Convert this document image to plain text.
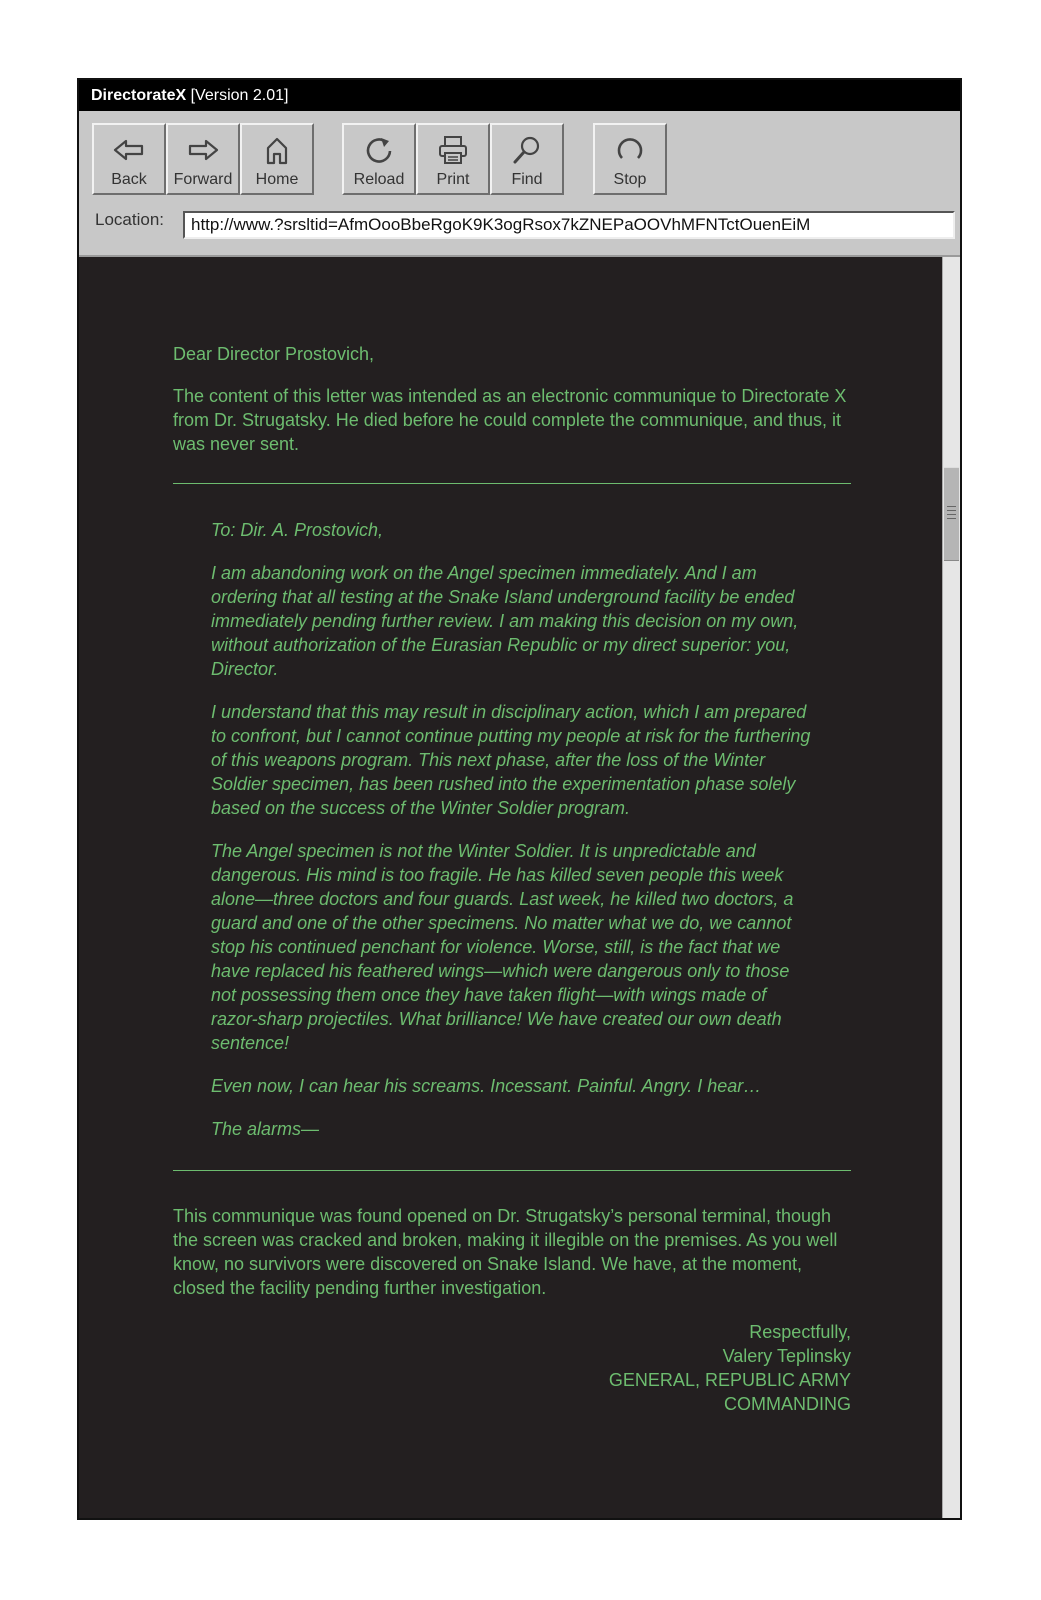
DirectorateX [Version 2.01]
Back	Forward	Home	Reload	Print	Find	Stop
Location:
http://www.?srsltid=AfmOooBbeRgoK9K3ogRsox7kZNEPaOOVhMFNTctOuenEiM

Dear Director Prostovich,

The content of this letter was intended as an electronic communique to Directorate X from Dr. Strugatsky. He died before he could complete the communique, and thus, it was never sent.

To: Dir. A. Prostovich,

I am abandoning work on the Angel specimen immediately. And I am ordering that all testing at the Snake Island underground facility be ended immediately pending further review. I am making this decision on my own, without authorization of the Eurasian Republic or my direct superior: you, Director.

I understand that this may result in disciplinary action, which I am prepared to confront, but I cannot continue putting my people at risk for the furthering of this weapons program. This next phase, after the loss of the Winter Soldier specimen, has been rushed into the experimentation phase solely based on the success of the Winter Soldier program.

The Angel specimen is not the Winter Soldier. It is unpredictable and dangerous. His mind is too fragile. He has killed seven people this week alone—three doctors and four guards. Last week, he killed two doctors, a guard and one of the other specimens. No matter what we do, we cannot stop his continued penchant for violence. Worse, still, is the fact that we have replaced his feathered wings—which were dangerous only to those not possessing them once they have taken flight—with wings made of razor-sharp projectiles. What brilliance! We have created our own death sentence!

Even now, I can hear his screams. Incessant. Painful. Angry. I hear…

The alarms—

This communique was found opened on Dr. Strugatsky’s personal terminal, though the screen was cracked and broken, making it illegible on the premises. As you well know, no survivors were discovered on Snake Island. We have, at the moment, closed the facility pending further investigation.

Respectfully,
Valery Teplinsky
GENERAL, REPUBLIC ARMY
COMMANDING
